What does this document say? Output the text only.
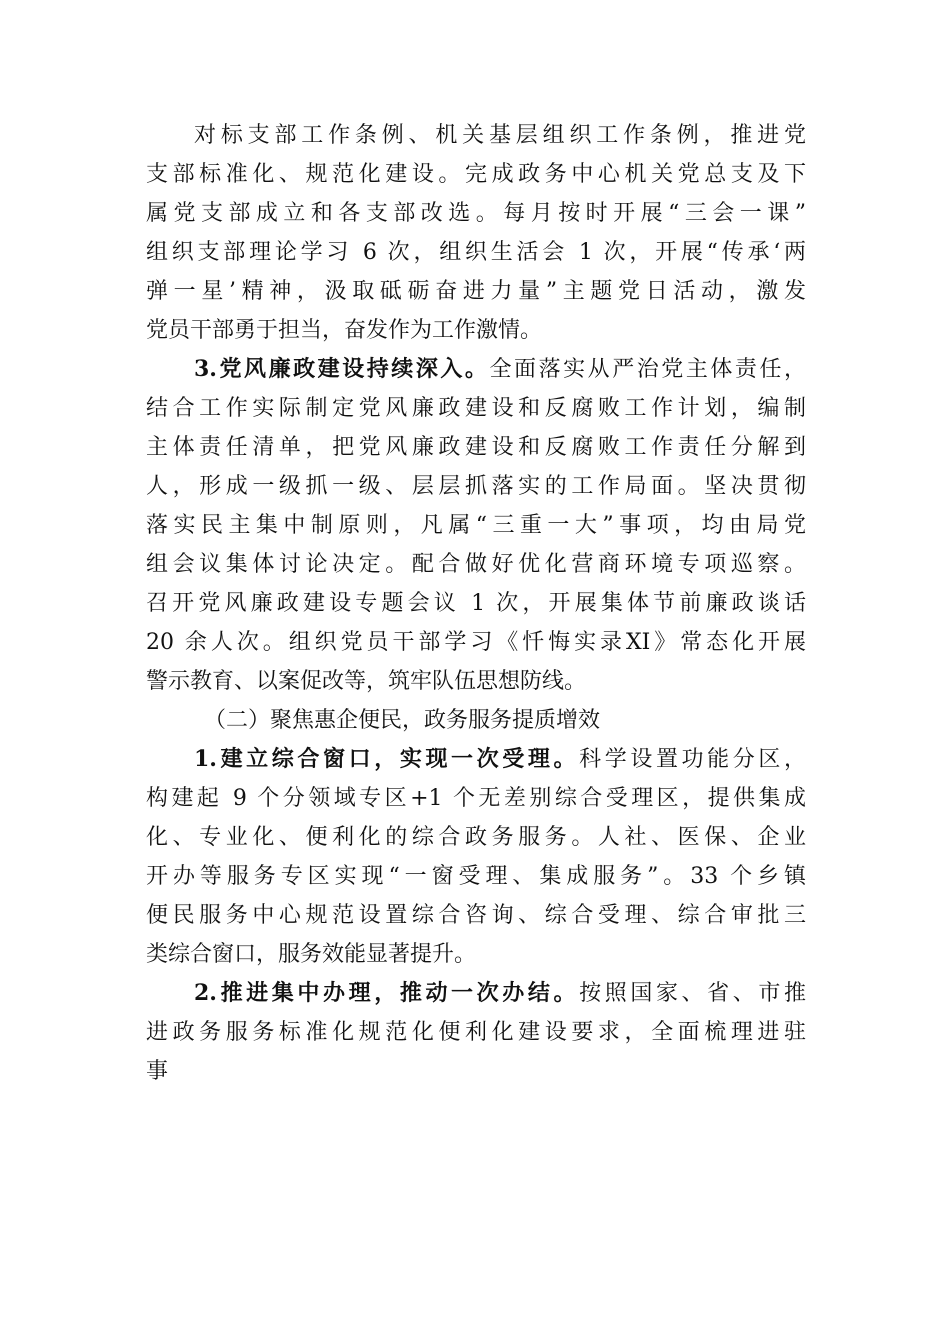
对标支部工作条例、机关基层组织工作条例，推进党
支部标准化、规范化建设。完成政务中心机关党总支及下
属党支部成立和各支部改选。每月按时开展“三会一课”
组织支部理论学习 6 次，组织生活会 1 次，开展“传承‘两
弹一星’精神，汲取砥砺奋进力量”主题党日活动，激发
党员干部勇于担当，奋发作为工作激情。
3.党风廉政建设持续深入。全面落实从严治党主体责任，
结合工作实际制定党风廉政建设和反腐败工作计划，编制
主体责任清单，把党风廉政建设和反腐败工作责任分解到
人，形成一级抓一级、层层抓落实的工作局面。坚决贯彻
落实民主集中制原则，凡属“三重一大”事项，均由局党
组会议集体讨论决定。配合做好优化营商环境专项巡察。
召开党风廉政建设专题会议 1 次，开展集体节前廉政谈话
20 余人次。组织党员干部学习《忏悔实录XI》常态化开展
警示教育、以案促改等，筑牢队伍思想防线。
（二）聚焦惠企便民，政务服务提质增效
1.建立综合窗口，实现一次受理。科学设置功能分区，
构建起 9 个分领域专区+1 个无差别综合受理区，提供集成
化、专业化、便利化的综合政务服务。人社、医保、企业
开办等服务专区实现“一窗受理、集成服务”。33 个乡镇
便民服务中心规范设置综合咨询、综合受理、综合审批三
类综合窗口，服务效能显著提升。
2.推进集中办理，推动一次办结。按照国家、省、市推
进政务服务标准化规范化便利化建设要求，全面梳理进驻
事
